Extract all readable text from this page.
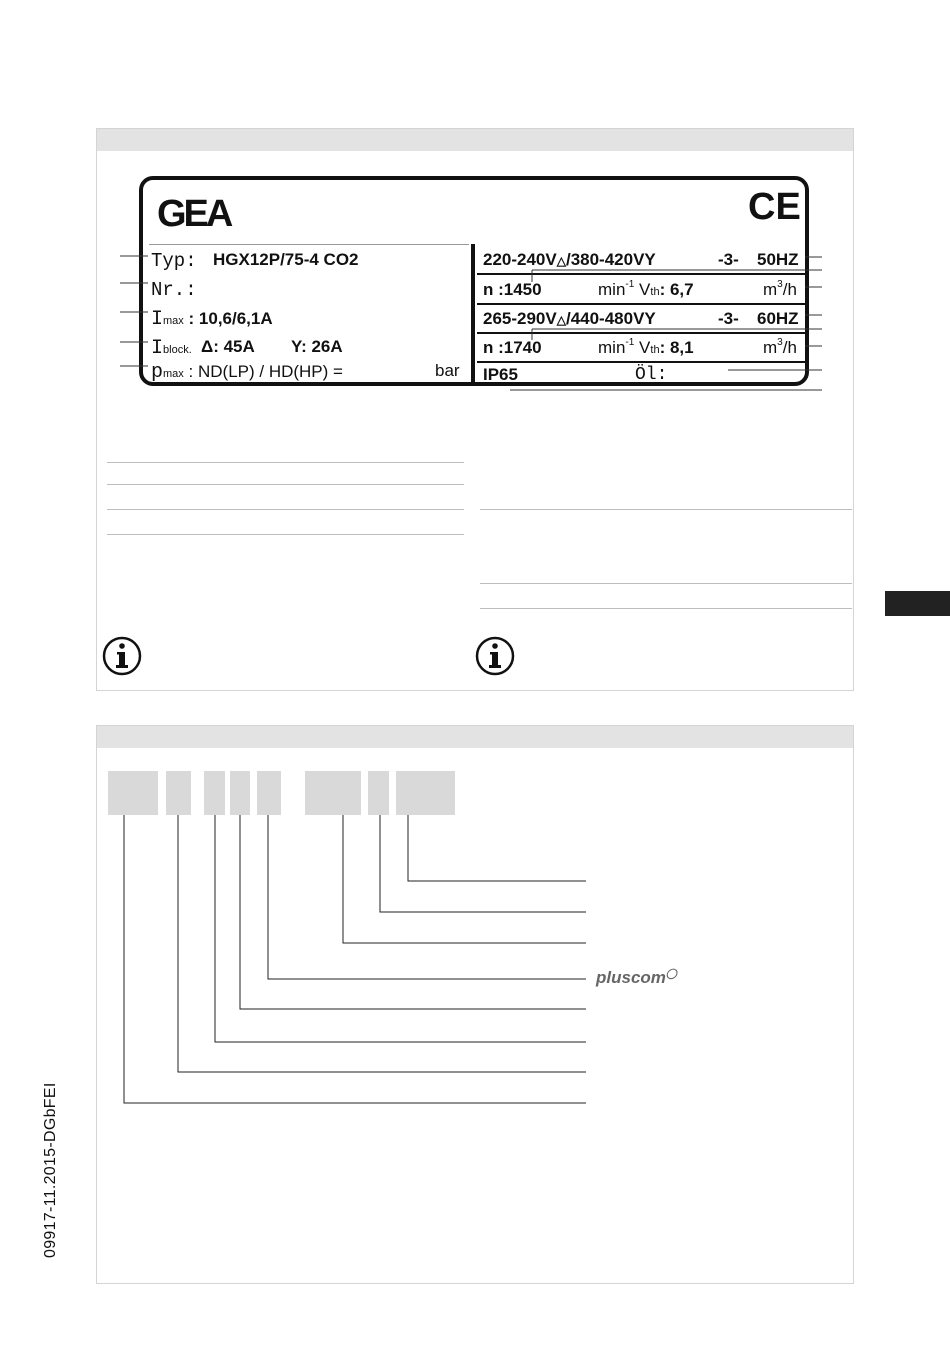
GEA	CE
Typ: HGX12P/75-4 CO2
Nr.:
Imax : 10,6/6,1A
Iblock. Δ: 45A Y: 26A
pmax : ND(LP) / HD(HP) =	bar
220-240V△/380-420VY	-3- 50HZ
n :1450	$\min^{-1}$ Vth: 6,7	$m^3/h$
265-290V△/440-480VY	-3- 60HZ
n :1740	$\min^{-1}$ Vth: 8,1	$m^3/h$
IP65	Öl:
pluscom◯
09917-11.2015-DGbFEI
